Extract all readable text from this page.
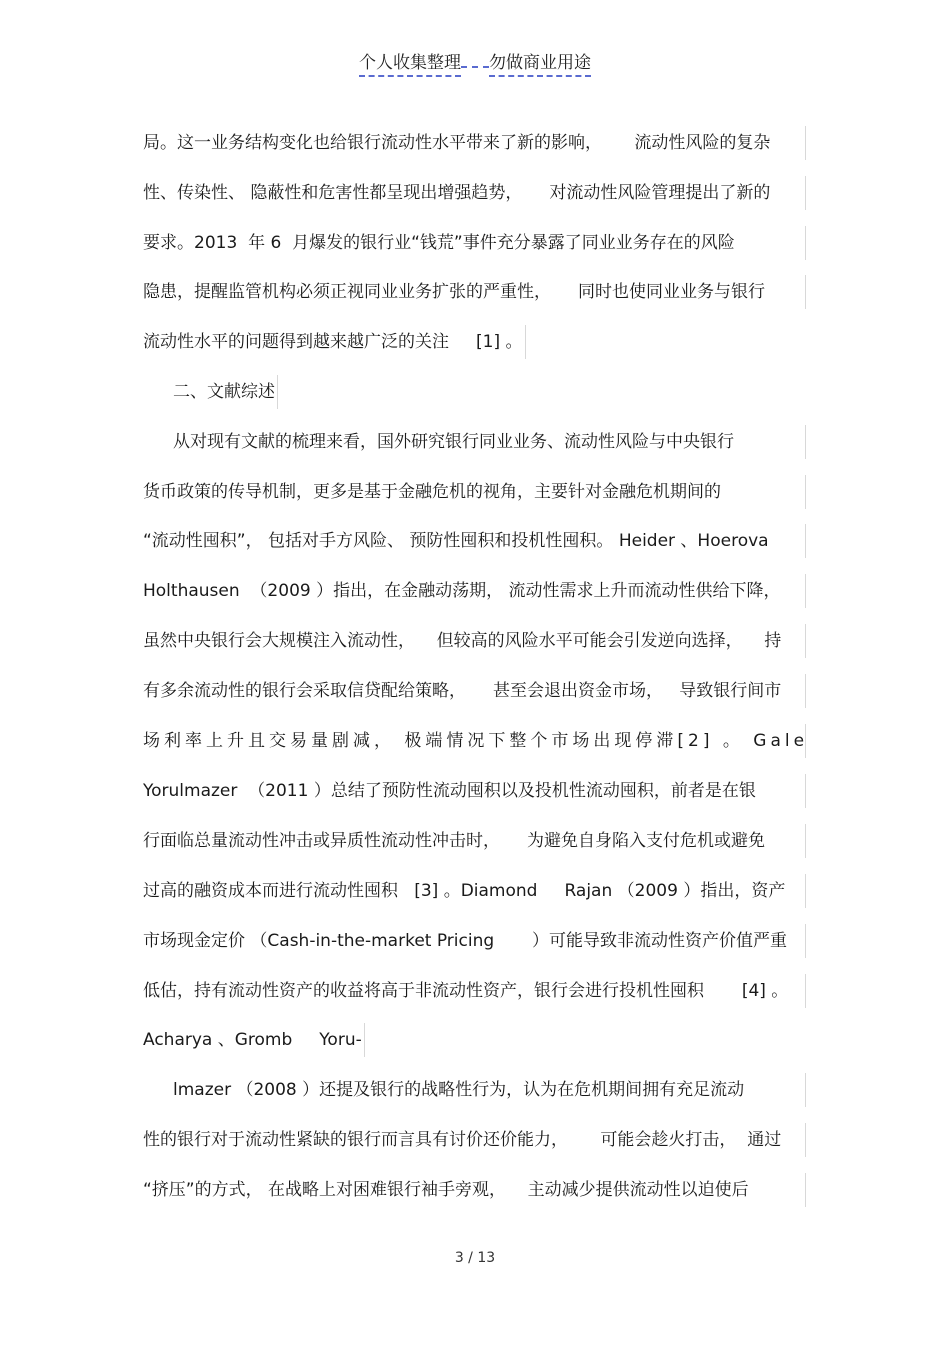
个人收集整理 勿做商业用途
局。这一业务结构变化也给银行流动性水平带来了新的影响，      流动性风险的复杂
性、传染性、 隐蔽性和危害性都呈现出增强趋势，     对流动性风险管理提出了新的
要求。2013  年 6  月爆发的银行业“钱荒”事件充分暴露了同业业务存在的风险
隐患，提醒监管机构必须正视同业业务扩张的严重性，     同时也使同业业务与银行
流动性水平的问题得到越来越广泛的关注     [1] 。
二、文献综述
从对现有文献的梳理来看，国外研究银行同业业务、流动性风险与中央银行
货币政策的传导机制，更多是基于金融危机的视角，主要针对金融危机期间的
“流动性囤积”， 包括对手方风险、 预防性囤积和投机性囤积。 Heider 、Hoerova
Holthausen  （2009 ）指出，在金融动荡期， 流动性需求上升而流动性供给下降，
虽然中央银行会大规模注入流动性，    但较高的风险水平可能会引发逆向选择，    持
有多余流动性的银行会采取信贷配给策略，     甚至会退出资金市场，   导致银行间市
场利率上升且交易量剧减， 极端情况下整个市场出现停滞[2] 。 Gale
Yorulmazer  （2011 ）总结了预防性流动囤积以及投机性流动囤积，前者是在银
行面临总量流动性冲击或异质性流动性冲击时，     为避免自身陷入支付危机或避免
过高的融资成本而进行流动性囤积   [3] 。Diamond     Rajan （2009 ）指出，资产
市场现金定价 （Cash-in-the-market Pricing       ）可能导致非流动性资产价值严重
低估，持有流动性资产的收益将高于非流动性资产，银行会进行投机性囤积       [4] 。
Acharya 、Gromb     Yoru-
lmazer （2008 ）还提及银行的战略性行为，认为在危机期间拥有充足流动
性的银行对于流动性紧缺的银行而言具有讨价还价能力，      可能会趁火打击，  通过
“挤压”的方式， 在战略上对困难银行袖手旁观，    主动减少提供流动性以迫使后
3 / 13
